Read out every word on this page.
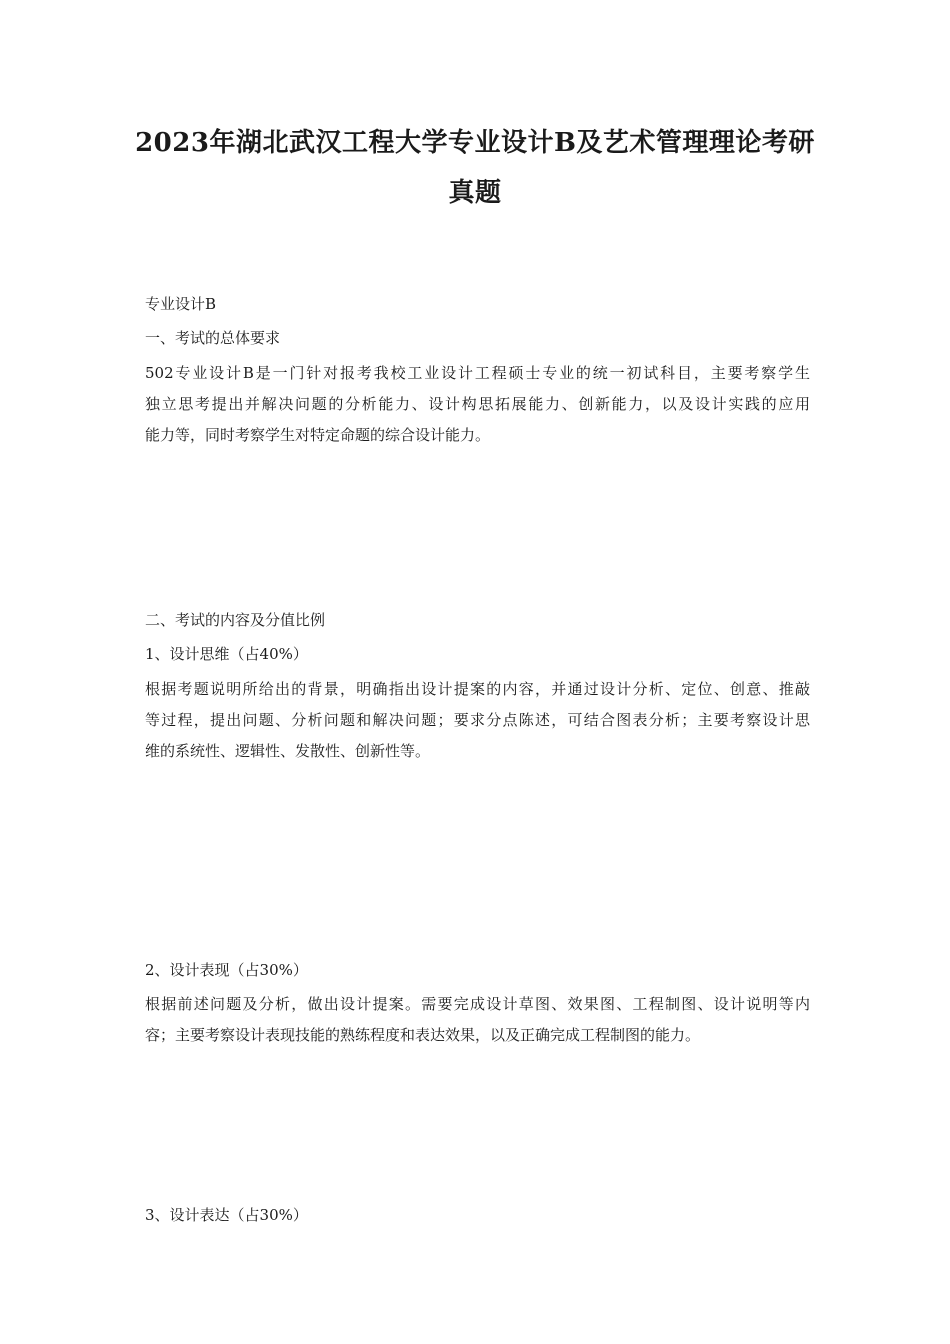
2023年湖北武汉工程大学专业设计B及艺术管理理论考研
真题
专业设计B
一、考试的总体要求
502专业设计B是一门针对报考我校工业设计工程硕士专业的统一初试科目，主要考察学生
独立思考提出并解决问题的分析能力、设计构思拓展能力、创新能力，以及设计实践的应用
能力等，同时考察学生对特定命题的综合设计能力。
二、考试的内容及分值比例
1、设计思维（占40%）
根据考题说明所给出的背景，明确指出设计提案的内容，并通过设计分析、定位、创意、推敲
等过程，提出问题、分析问题和解决问题；要求分点陈述，可结合图表分析；主要考察设计思
维的系统性、逻辑性、发散性、创新性等。
2、设计表现（占30%）
根据前述问题及分析，做出设计提案。需要完成设计草图、效果图、工程制图、设计说明等内
容；主要考察设计表现技能的熟练程度和表达效果，以及正确完成工程制图的能力。
3、设计表达（占30%）
